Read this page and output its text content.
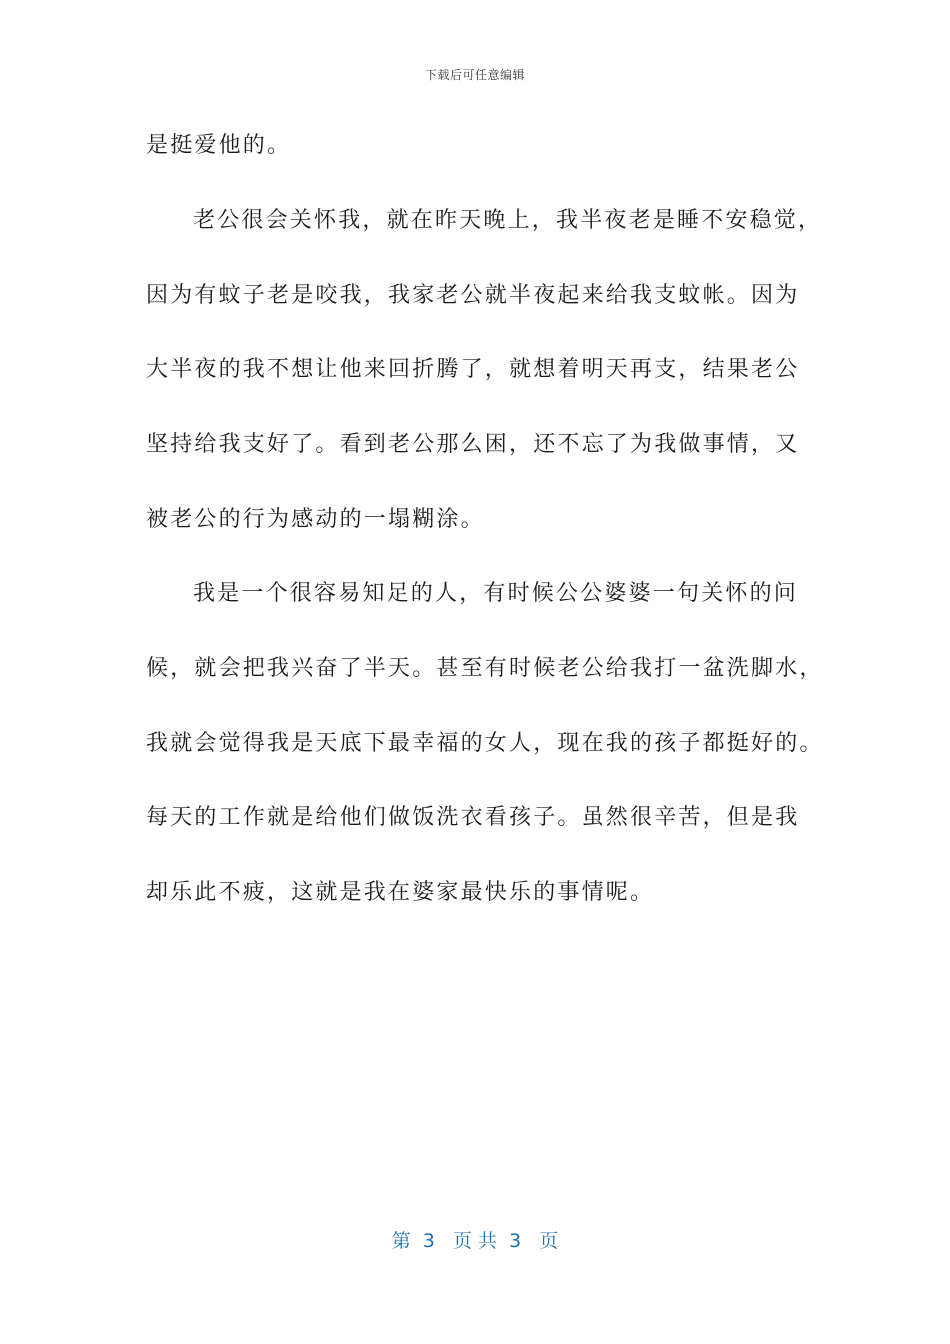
下载后可任意编辑
是挺爱他的。
老公很会关怀我，就在昨天晚上，我半夜老是睡不安稳觉，
因为有蚊子老是咬我，我家老公就半夜起来给我支蚊帐。因为
大半夜的我不想让他来回折腾了，就想着明天再支，结果老公
坚持给我支好了。看到老公那么困，还不忘了为我做事情，又
被老公的行为感动的一塌糊涂。
我是一个很容易知足的人，有时候公公婆婆一句关怀的问
候，就会把我兴奋了半天。甚至有时候老公给我打一盆洗脚水，
我就会觉得我是天底下最幸福的女人，现在我的孩子都挺好的。
每天的工作就是给他们做饭洗衣看孩子。虽然很辛苦，但是我
却乐此不疲，这就是我在婆家最快乐的事情呢。
第  3   页 共  3   页
